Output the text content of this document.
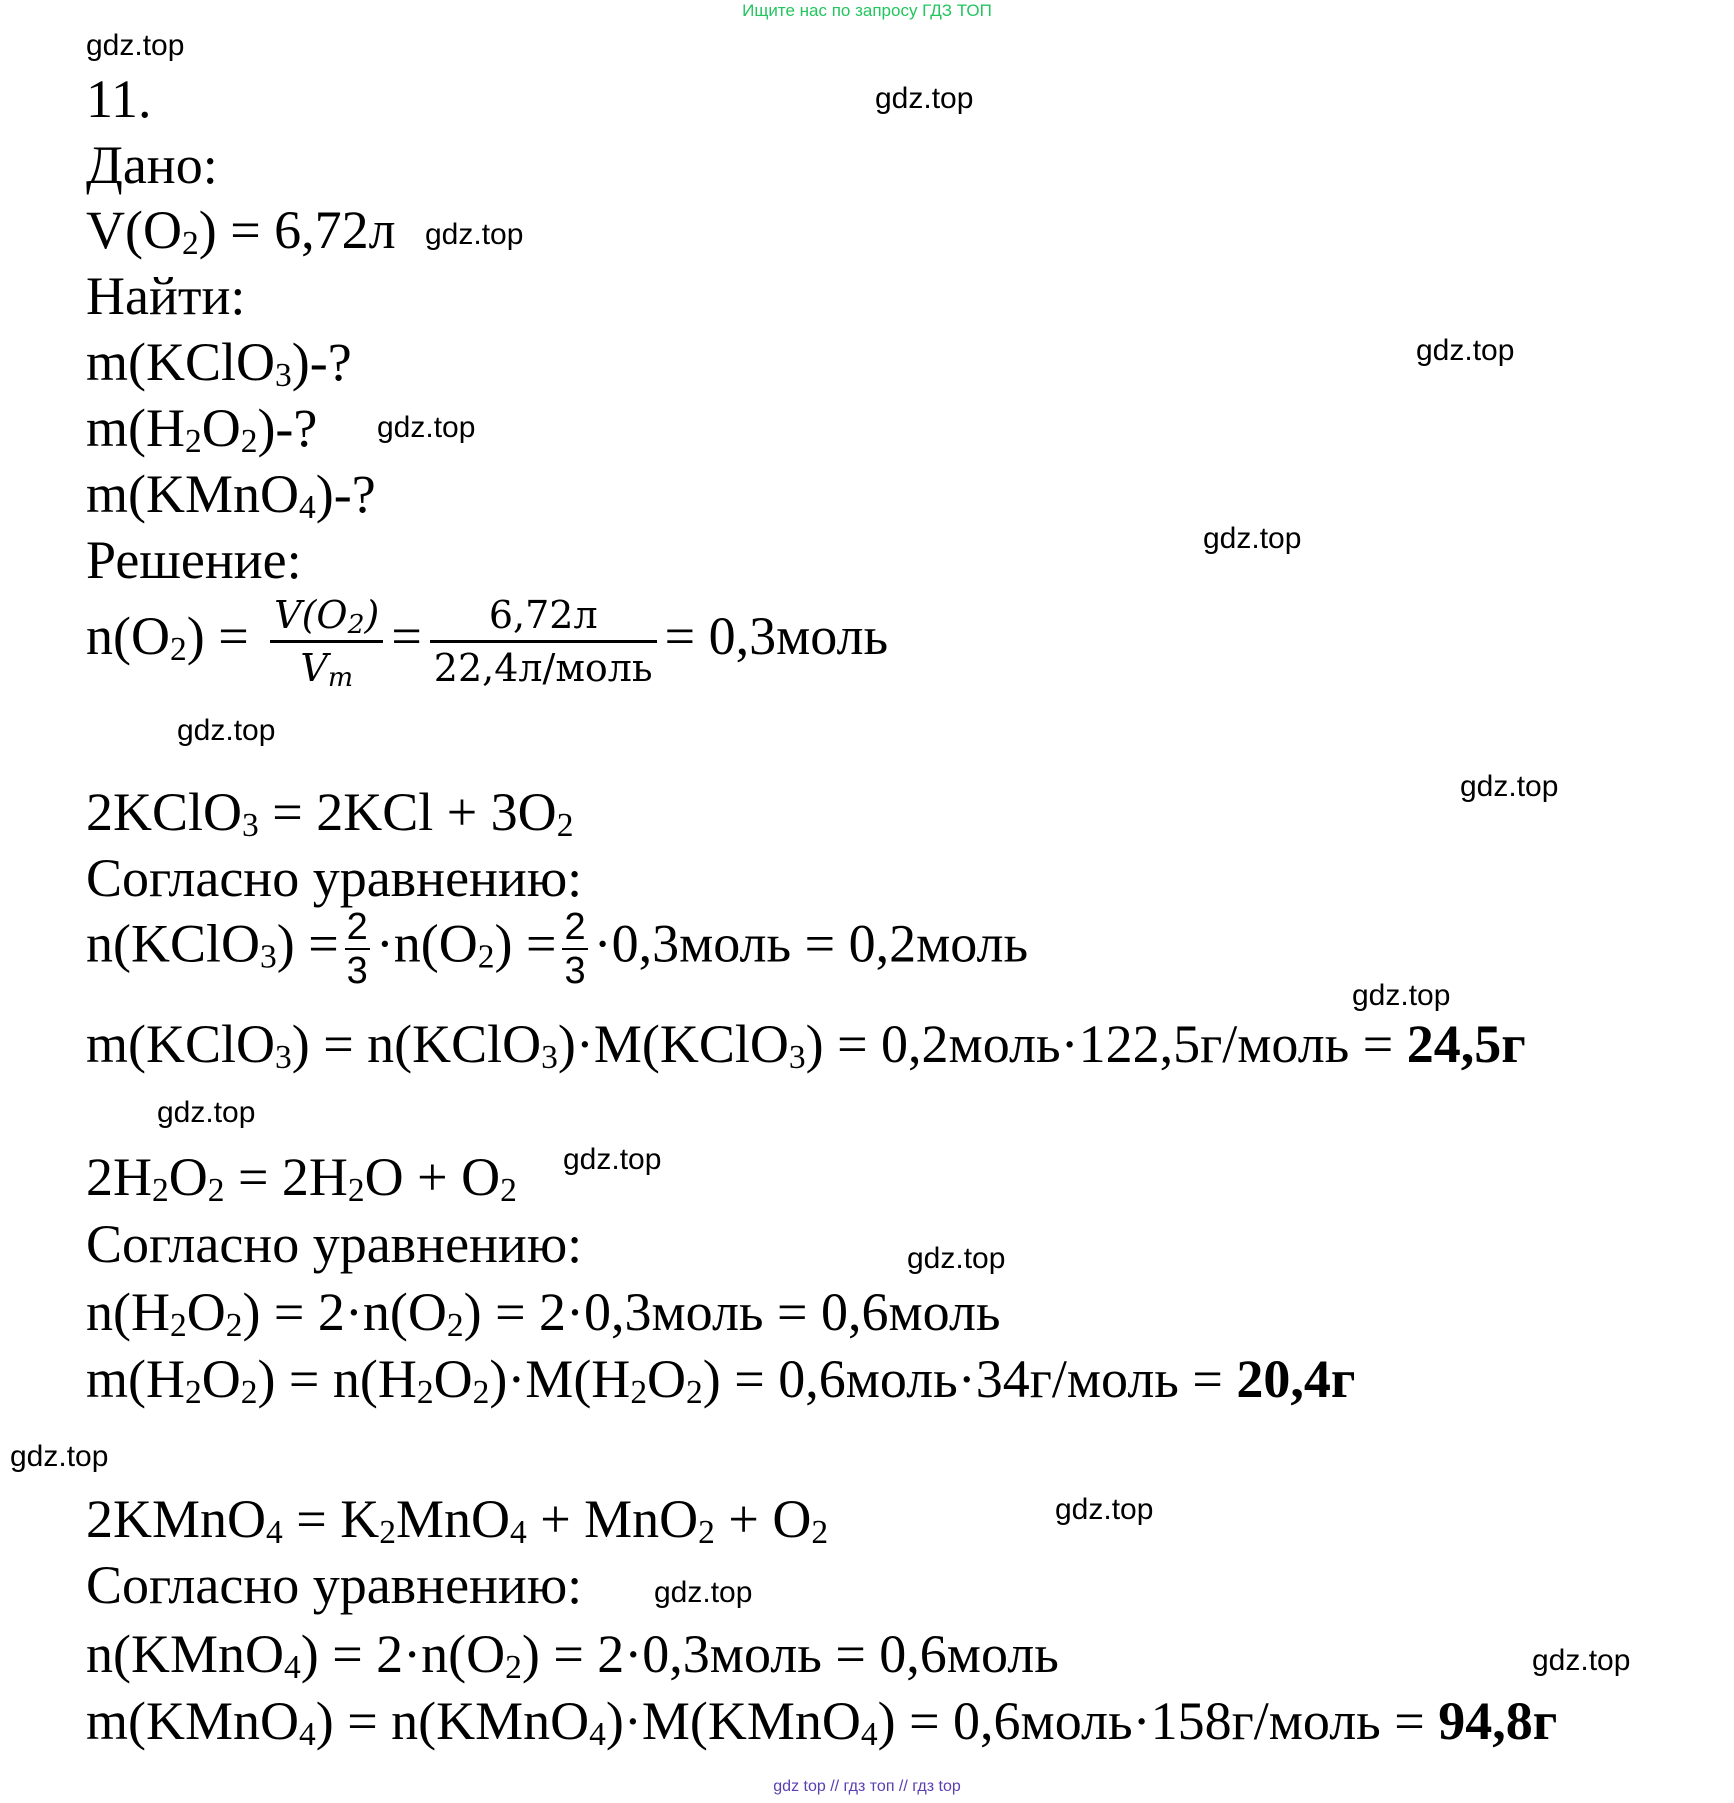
Ищите нас по запросу ГДЗ ТОП
gdz.top
gdz.top
gdz.top
gdz.top
gdz.top
gdz.top
gdz.top
gdz.top
gdz.top
gdz.top
gdz.top
gdz.top
gdz.top
gdz.top
gdz.top
gdz.top
11.
Дано:
$V(O_2) = 6,72л$
Найти:
m(KClO$_3$)-?
$m(H_2O_2)-$?
m(KMnO$_4$)-?
Решение:
$n(O_2) = \frac{V(O_2)}{V_m} = \frac{6,72л}{\text{22,4л/моль}}$ = 0,3моль
2KClO$_3$ = $2KCl + 3O_2$
Согласно уравнению:
n(KClO$_3$) = $\frac{2}{3} \cdot n(O_2) = \frac{2}{3}$ ·0,3моль = 0,2моль
m(KClO$_3$) = n(KClO$_3$)·M(KClO$_3$) = 0,2моль·122,5г/моль = 24,5г
$2H_2O_2 = 2H_2O + O_2$
Согласно уравнению:
$n(H_2O_2) = 2\cdot n(O_2)$ = 2·0,3моль = 0,6моль
$m(H_2O_2) = n(H_2O_2)\cdot M(H_2O_2)$ = 0,6моль·34г/моль = 20,4г
2KMnO$_4$ = $K_2MnO_4 + MnO_2 + O_2$
Согласно уравнению:
n(KMnO$_4$) = $2\cdot n(O_2)$ = 2·0,3моль = 0,6моль
m(KMnO$_4$) = n(KMnO$_4$)·M(KMnO$_4$) = 0,6моль·158г/моль = 94,8г
gdz top // гдз топ // гдз top
